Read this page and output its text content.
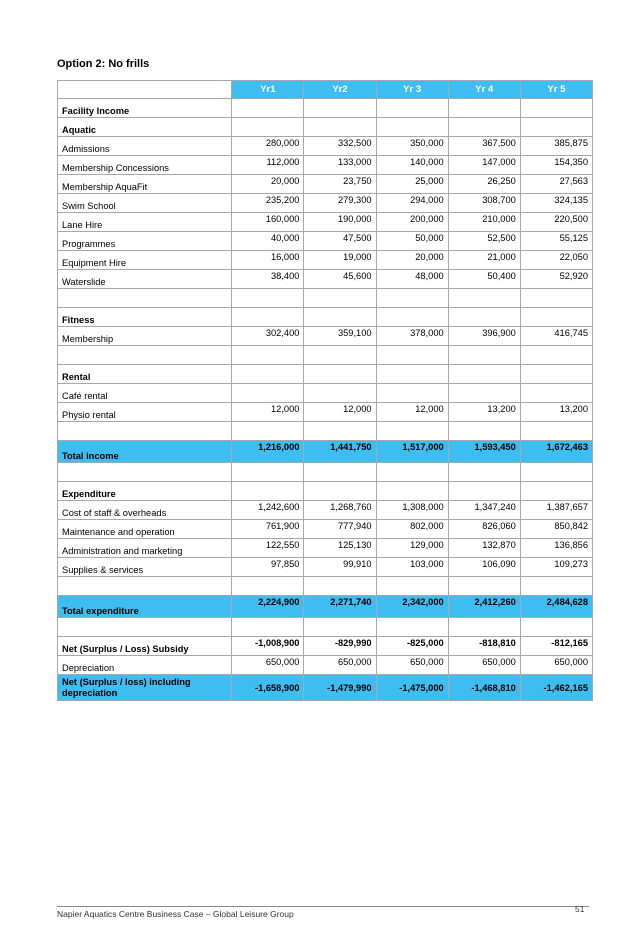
Option 2: No frills
	Yr1	Yr2	Yr 3	Yr 4	Yr 5
Facility Income					
Aquatic					
Admissions	280,000	332,500	350,000	367,500	385,875
Membership Concessions	112,000	133,000	140,000	147,000	154,350
Membership AquaFit	20,000	23,750	25,000	26,250	27,563
Swim School	235,200	279,300	294,000	308,700	324,135
Lane Hire	160,000	190,000	200,000	210,000	220,500
Programmes	40,000	47,500	50,000	52,500	55,125
Equipment Hire	16,000	19,000	20,000	21,000	22,050
Waterslide	38,400	45,600	48,000	50,400	52,920

Fitness					
Membership	302,400	359,100	378,000	396,900	416,745

Rental					
Café rental					
Physio rental	12,000	12,000	12,000	13,200	13,200

Total income	1,216,000	1,441,750	1,517,000	1,593,450	1,672,463

Expenditure					
Cost of staff & overheads	1,242,600	1,268,760	1,308,000	1,347,240	1,387,657
Maintenance and operation	761,900	777,940	802,000	826,060	850,842
Administration and marketing	122,550	125,130	129,000	132,870	136,856
Supplies & services	97,850	99,910	103,000	106,090	109,273

Total expenditure	2,224,900	2,271,740	2,342,000	2,412,260	2,484,628

Net (Surplus / Loss) Subsidy	-1,008,900	-829,990	-825,000	-818,810	-812,165
Depreciation	650,000	650,000	650,000	650,000	650,000
Net (Surplus / loss) including depreciation	-1,658,900	-1,479,990	-1,475,000	-1,468,810	-1,462,165
Napier Aquatics Centre Business Case – Global Leisure Group	51
